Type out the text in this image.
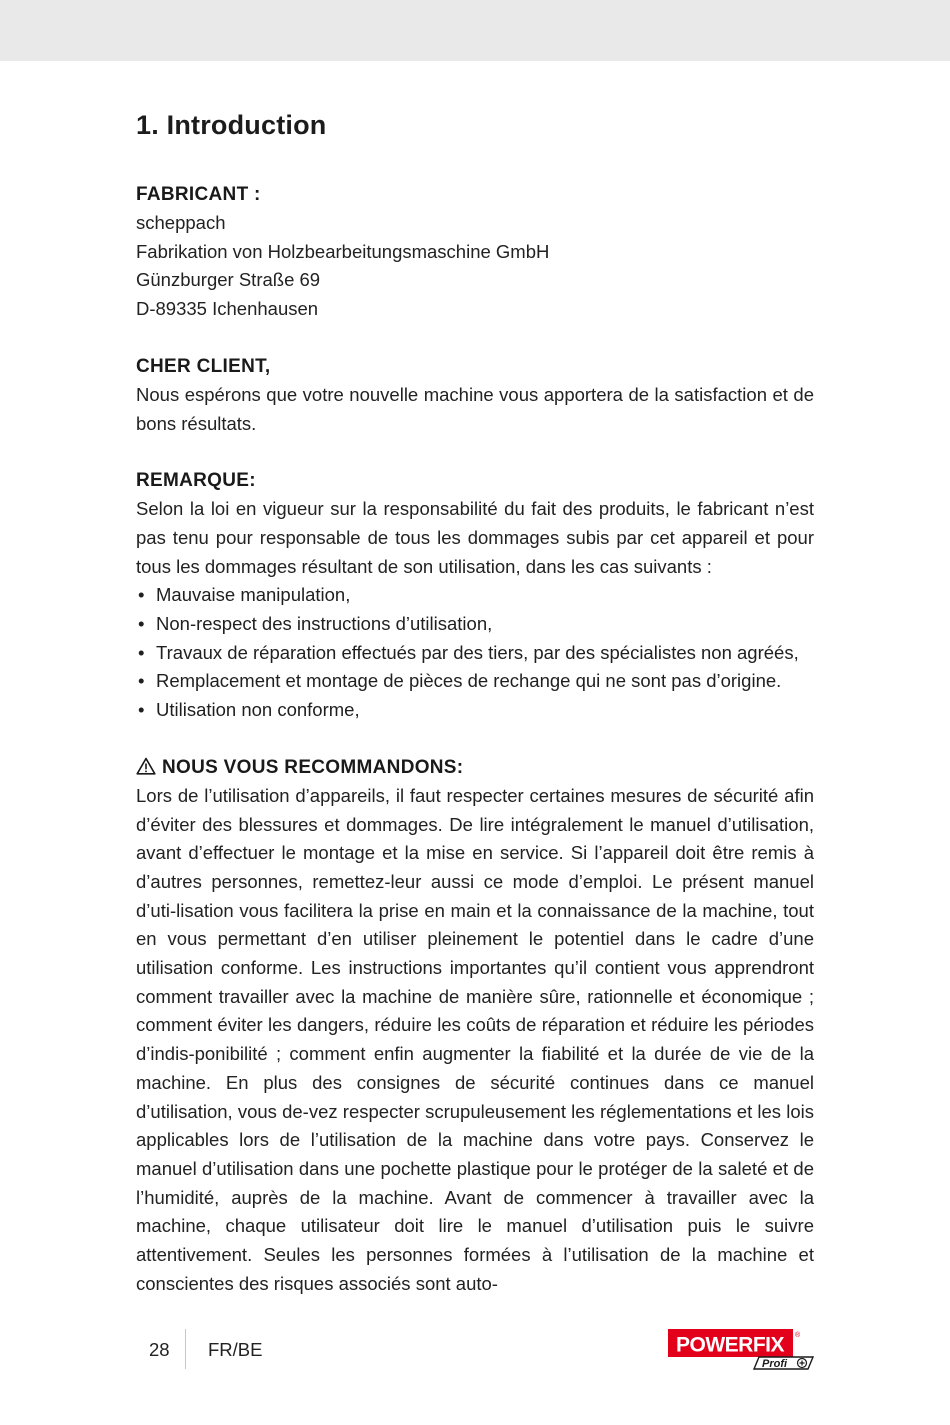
1. Introduction
FABRICANT :
scheppach
Fabrikation von Holzbearbeitungsmaschine GmbH
Günzburger Straße 69
D-89335 Ichenhausen
CHER CLIENT,
Nous espérons que votre nouvelle machine vous apportera de la satisfaction et de bons résultats.
REMARQUE:
Selon la loi en vigueur sur la responsabilité du fait des produits, le fabricant n’est pas tenu pour responsable de tous les dommages subis par cet appareil et pour tous les dommages résultant de son utilisation, dans les cas suivants :
• Mauvaise manipulation,
• Non-respect des instructions d’utilisation,
• Travaux de réparation effectués par des tiers, par des spécialistes non agréés,
• Remplacement et montage de pièces de rechange qui ne sont pas d’origine.
• Utilisation non conforme,
NOUS VOUS RECOMMANDONS:
Lors de l’utilisation d’appareils, il faut respecter certaines mesures de sécurité afin d’éviter des blessures et dommages. De lire intégralement le manuel d’utilisation, avant d’effectuer le montage et la mise en service. Si l’appareil doit être remis à d’autres personnes, remettez-leur aussi ce mode d’emploi. Le présent manuel d’uti-lisation vous facilitera la prise en main et la connaissance de la machine, tout en vous permettant d’en utiliser pleinement le potentiel dans le cadre d’une utilisation conforme. Les instructions importantes qu’il contient vous apprendront comment travailler avec la machine de manière sûre, rationnelle et économique ; comment éviter les dangers, réduire les coûts de réparation et réduire les périodes d’indis-ponibilité ; comment enfin augmenter la fiabilité et la durée de vie de la machine. En plus des consignes de sécurité continues dans ce manuel d’utilisation, vous de-vez respecter scrupuleusement les réglementations et les lois applicables lors de l’utilisation de la machine dans votre pays. Conservez le manuel d’utilisation dans une pochette plastique pour le protéger de la saleté et de l’humidité, auprès de la machine. Avant de commencer à travailler avec la machine, chaque utilisateur doit lire le manuel d’utilisation puis le suivre attentivement. Seules les personnes formées à l’utilisation de la machine et conscientes des risques associés sont auto-
28 FR/BE	POWERFIX ®
Profi
